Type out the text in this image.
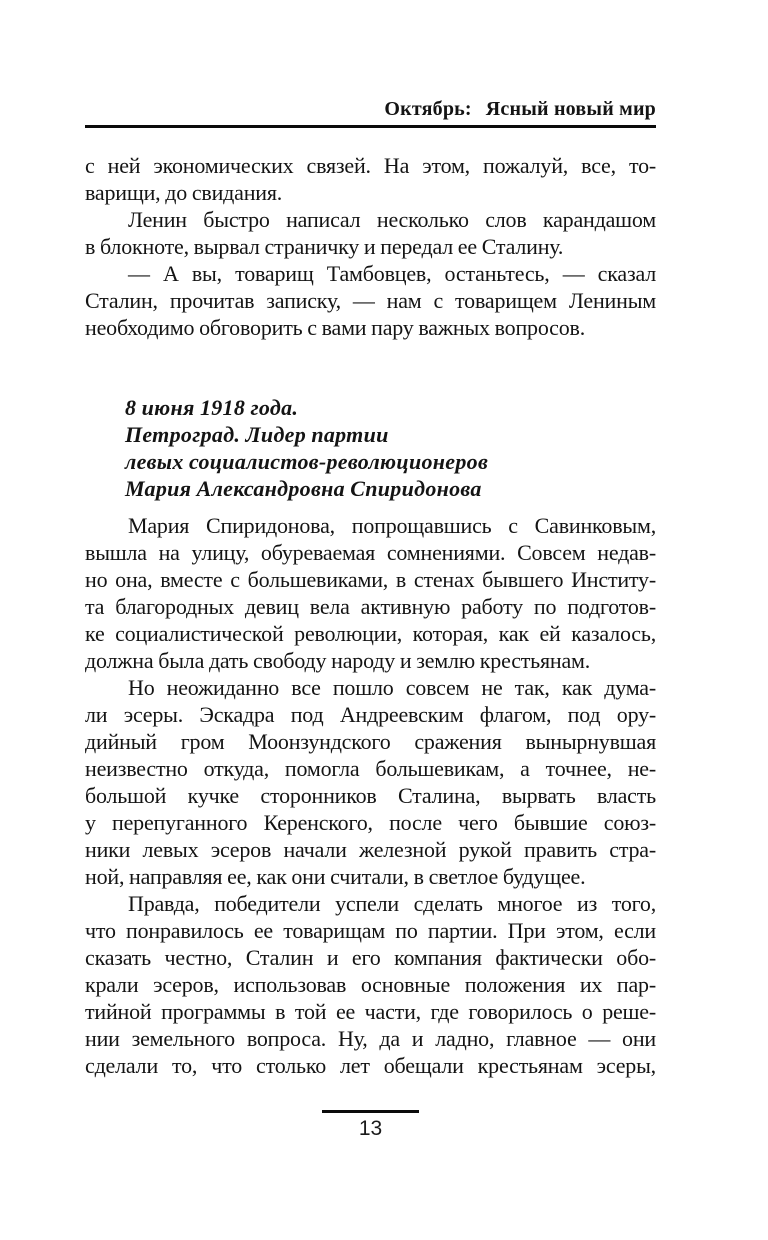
Октябрь: Ясный новый мир
с ней экономических связей. На этом, пожалуй, все, то-
варищи, до свидания.
Ленин быстро написал несколько слов карандашом
в блокноте, вырвал страничку и передал ее Сталину.
— А вы, товарищ Тамбовцев, останьтесь, — сказал
Сталин, прочитав записку, — нам с товарищем Лениным
необходимо обговорить с вами пару важных вопросов.
8 июня 1918 года.
Петроград. Лидер партии
левых социалистов-революционеров
Мария Александровна Спиридонова
Мария Спиридонова, попрощавшись с Савинковым,
вышла на улицу, обуреваемая сомнениями. Совсем недав-
но она, вместе с большевиками, в стенах бывшего Институ-
та благородных девиц вела активную работу по подготов-
ке социалистической революции, которая, как ей казалось,
должна была дать свободу народу и землю крестьянам.
Но неожиданно все пошло совсем не так, как дума-
ли эсеры. Эскадра под Андреевским флагом, под ору-
дийный гром Моонзундского сражения вынырнувшая
неизвестно откуда, помогла большевикам, а точнее, не-
большой кучке сторонников Сталина, вырвать власть
у перепуганного Керенского, после чего бывшие союз-
ники левых эсеров начали железной рукой править стра-
ной, направляя ее, как они считали, в светлое будущее.
Правда, победители успели сделать многое из того,
что понравилось ее товарищам по партии. При этом, если
сказать честно, Сталин и его компания фактически обо-
крали эсеров, использовав основные положения их пар-
тийной программы в той ее части, где говорилось о реше-
нии земельного вопроса. Ну, да и ладно, главное — они
сделали то, что столько лет обещали крестьянам эсеры,
13
